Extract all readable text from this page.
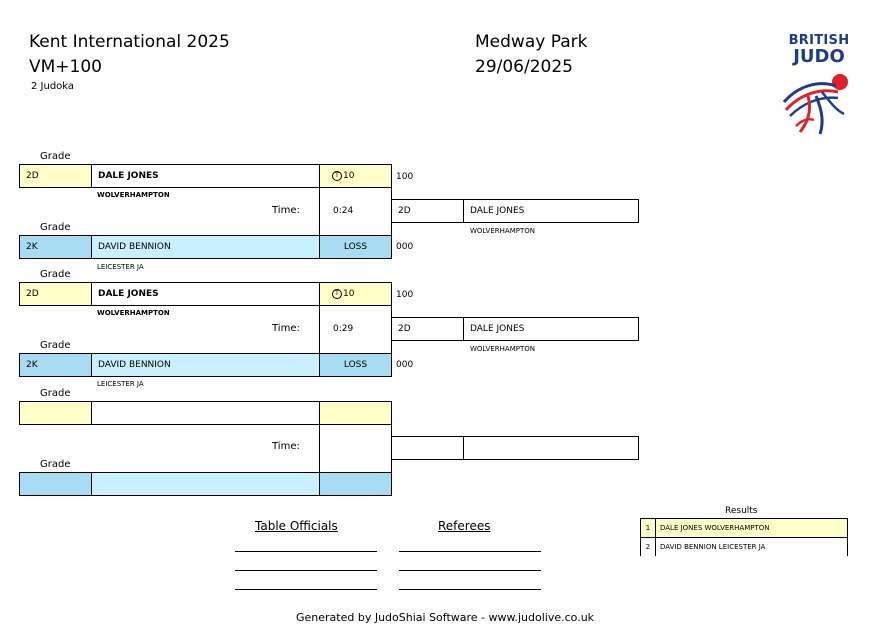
Kent International 2025
VM+100
2 Judoka
Medway Park
29/06/2025
BRITISH
JUDO
Grade
2D	DALE JONES	T 10	100
WOLVERHAMPTON
Time:	0:24	2D	DALE JONES
WOLVERHAMPTON
Grade
2K	DAVID BENNION	LOSS	000
LEICESTER JA
Grade
2D	DALE JONES	T 10	100
WOLVERHAMPTON
Time:	0:29	2D	DALE JONES
WOLVERHAMPTON
Grade
2K	DAVID BENNION	LOSS	000
LEICESTER JA
Grade
Time:
Grade
Table Officials	Referees
Results
1	DALE JONES WOLVERHAMPTON
2	DAVID BENNION LEICESTER JA
Generated by JudoShiai Software - www.judolive.co.uk
